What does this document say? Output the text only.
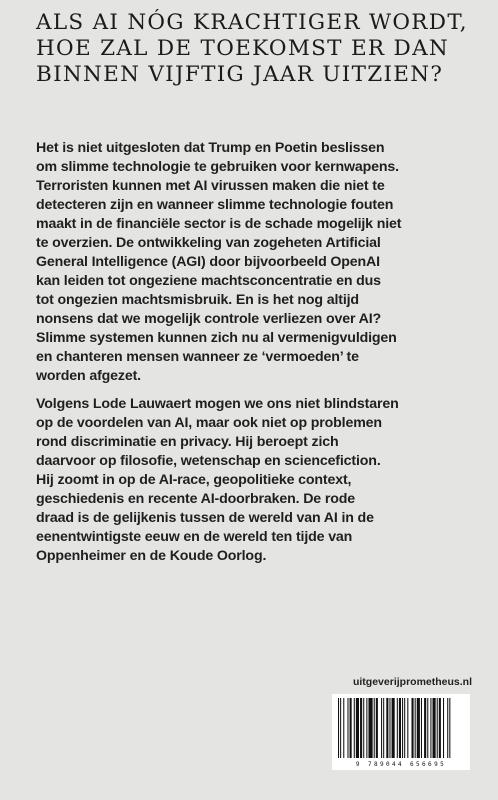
ALS AI NÓG KRACHTIGER WORDT,
HOE ZAL DE TOEKOMST ER DAN
BINNEN VIJFTIG JAAR UITZIEN?
Het is niet uitgesloten dat Trump en Poetin beslissen
om slimme technologie te gebruiken voor kernwapens.
Terroristen kunnen met AI virussen maken die niet te
detecteren zijn en wanneer slimme technologie fouten
maakt in de financiële sector is de schade mogelijk niet
te overzien. De ontwikkeling van zogeheten Artificial
General Intelligence (AGI) door bijvoorbeeld OpenAI
kan leiden tot ongeziene machtsconcentratie en dus
tot ongezien machtsmisbruik. En is het nog altijd
nonsens dat we mogelijk controle verliezen over AI?
Slimme systemen kunnen zich nu al vermenigvuldigen
en chanteren mensen wanneer ze ‘vermoeden’ te
worden afgezet.
Volgens Lode Lauwaert mogen we ons niet blindstaren
op de voordelen van AI, maar ook niet op problemen
rond discriminatie en privacy. Hij beroept zich
daarvoor op filosofie, wetenschap en sciencefiction.
Hij zoomt in op de AI-race, geopolitieke context,
geschiedenis en recente AI-doorbraken. De rode
draad is de gelijkenis tussen de wereld van AI in de
eenentwintigste eeuw en de wereld ten tijde van
Oppenheimer en de Koude Oorlog.
uitgeverijprometheus.nl
9 789044 656695
